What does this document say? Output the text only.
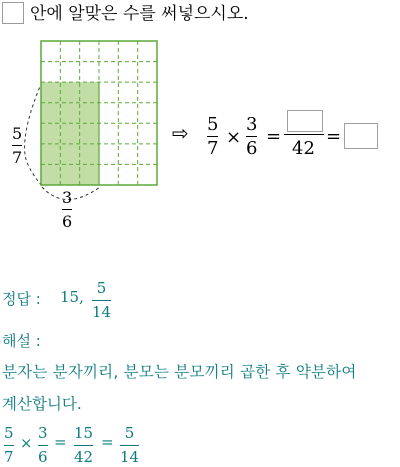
안에 알맞은 수를 써넣으시오.
5
7
3
6
⇨ 5
7
×
3
6
=
42
=
정답 : 15, 5
14
해설 :
분자는 분자끼리, 분모는 분모끼리 곱한 후 약분하여
계산합니다.
5
7
×
3
6
= 15
42
= 5
14
